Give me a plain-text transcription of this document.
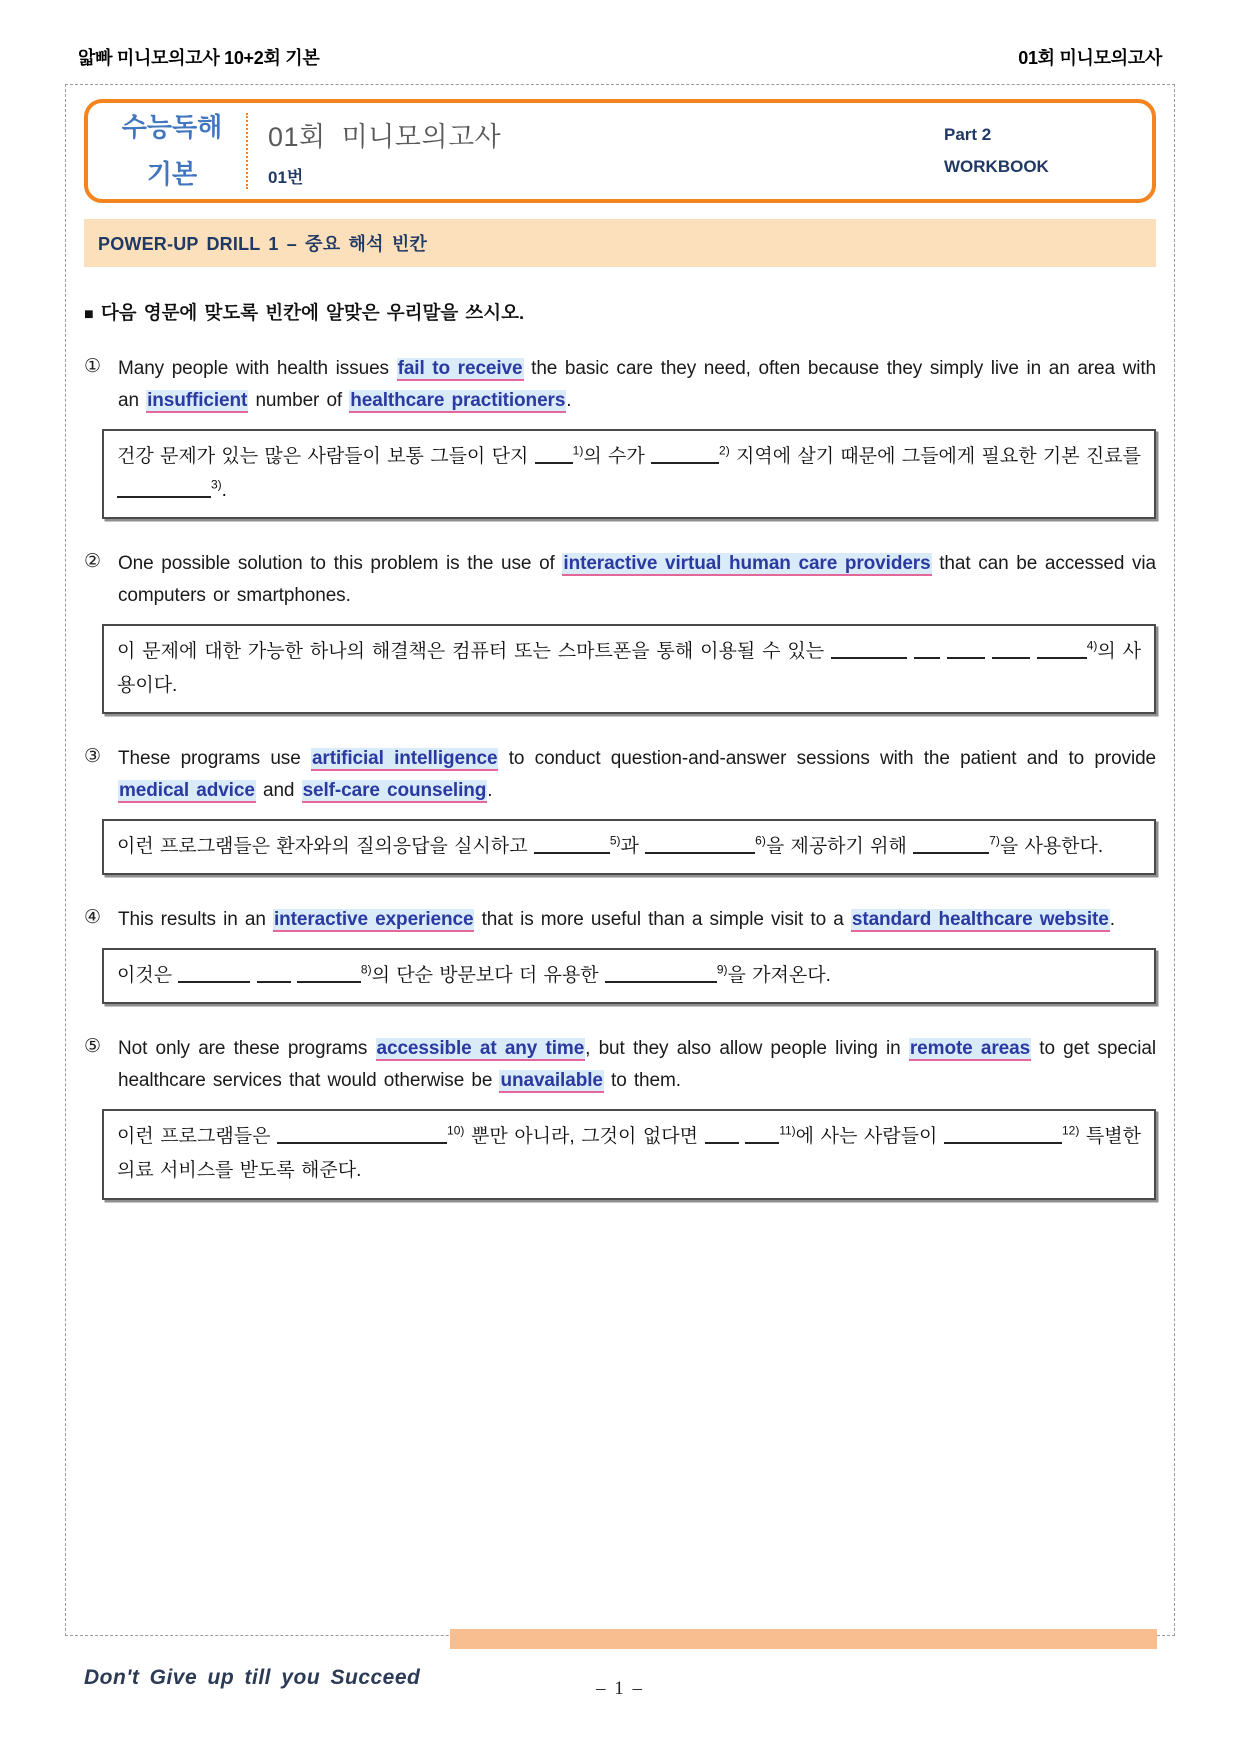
앏빠 미니모의고사 10+2회 기본	01회 미니모의고사
수능독해
기본
01회 미니모의고사
01번
Part 2
WORKBOOK
POWER-UP DRILL 1 – 중요 해석 빈칸

■ 다음 영문에 맞도록 빈칸에 알맞은 우리말을 쓰시오.

① Many people with health issues fail to receive the basic care they need, often because they simply live in an area with an insufficient number of healthcare practitioners.

건강 문제가 있는 많은 사람들이 보통 그들이 단지	$^{1)}$의 수가	$^{2)}$ 지역에 살기 때문에 그들에게 필요한 기본 진료를 $^{3)}$.

② One possible solution to this problem is the use of interactive virtual human care providers that can be accessed via computers or smartphones.

이 문제에 대한 가능한 하나의 해결책은 컴퓨터 또는 스마트폰을 통해 이용될 수 있는	$^{4)}$의 사용이다.

③ These programs use artificial intelligence to conduct question-and-answer sessions with the patient and to provide medical advice and self-care counseling.

이런 프로그램들은 환자와의 질의응답을 실시하고	$^{5)}$과	$^{6)}$을 제공하기 위해	$^{7)}$을 사용한다.

④ This results in an interactive experience that is more useful than a simple visit to a standard healthcare website.

이것은	$^{8)}$의 단순 방문보다 더 유용한	$^{9)}$을 가져온다.

⑤ Not only are these programs accessible at any time, but they also allow people living in remote areas to get special healthcare services that would otherwise be unavailable to them.

이런 프로그램들은	$^{10)}$ 뿐만 아니라, 그것이 없다면	$^{11)}$에 사는 사람들이	$^{12)}$ 특별한 의료 서비스를 받도록 해준다.

Don't Give up till you Succeed	– 1 –
